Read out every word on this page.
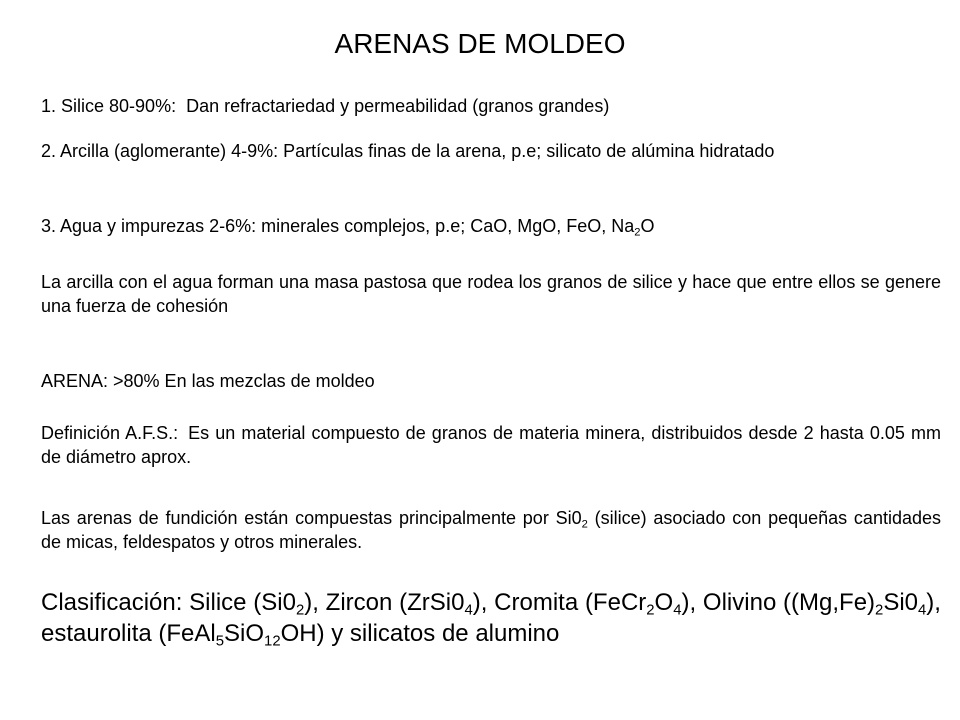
ARENAS DE MOLDEO
1. Silice 80-90%: Dan refractariedad y permeabilidad (granos grandes)
2. Arcilla (aglomerante) 4-9%: Partículas finas de la arena, p.e; silicato de alúmina hidratado
3. Agua y impurezas 2-6%: minerales complejos, p.e; CaO, MgO, FeO, $Na_2O$
La arcilla con el agua forman una masa pastosa que rodea los granos de silice y hace que entre ellos se genere una fuerza de cohesión
ARENA: >80% En las mezclas de moldeo
Definición A.F.S.: Es un material compuesto de granos de materia minera, distribuidos desde 2 hasta 0.05 mm de diámetro aprox.
Las arenas de fundición están compuestas principalmente por $Si0_2$ (silice) asociado con pequeñas cantidades de micas, feldespatos y otros minerales.
Clasificación: Silice $(Si0_2)$, Zircon $(ZrSi0_4)$, Cromita $(FeCr_2O_4)$, Olivino $((Mg,Fe)_2Si0_4)$, estaurolita (FeAl$_5$SiO$_{12}$OH) y silicatos de alumino
